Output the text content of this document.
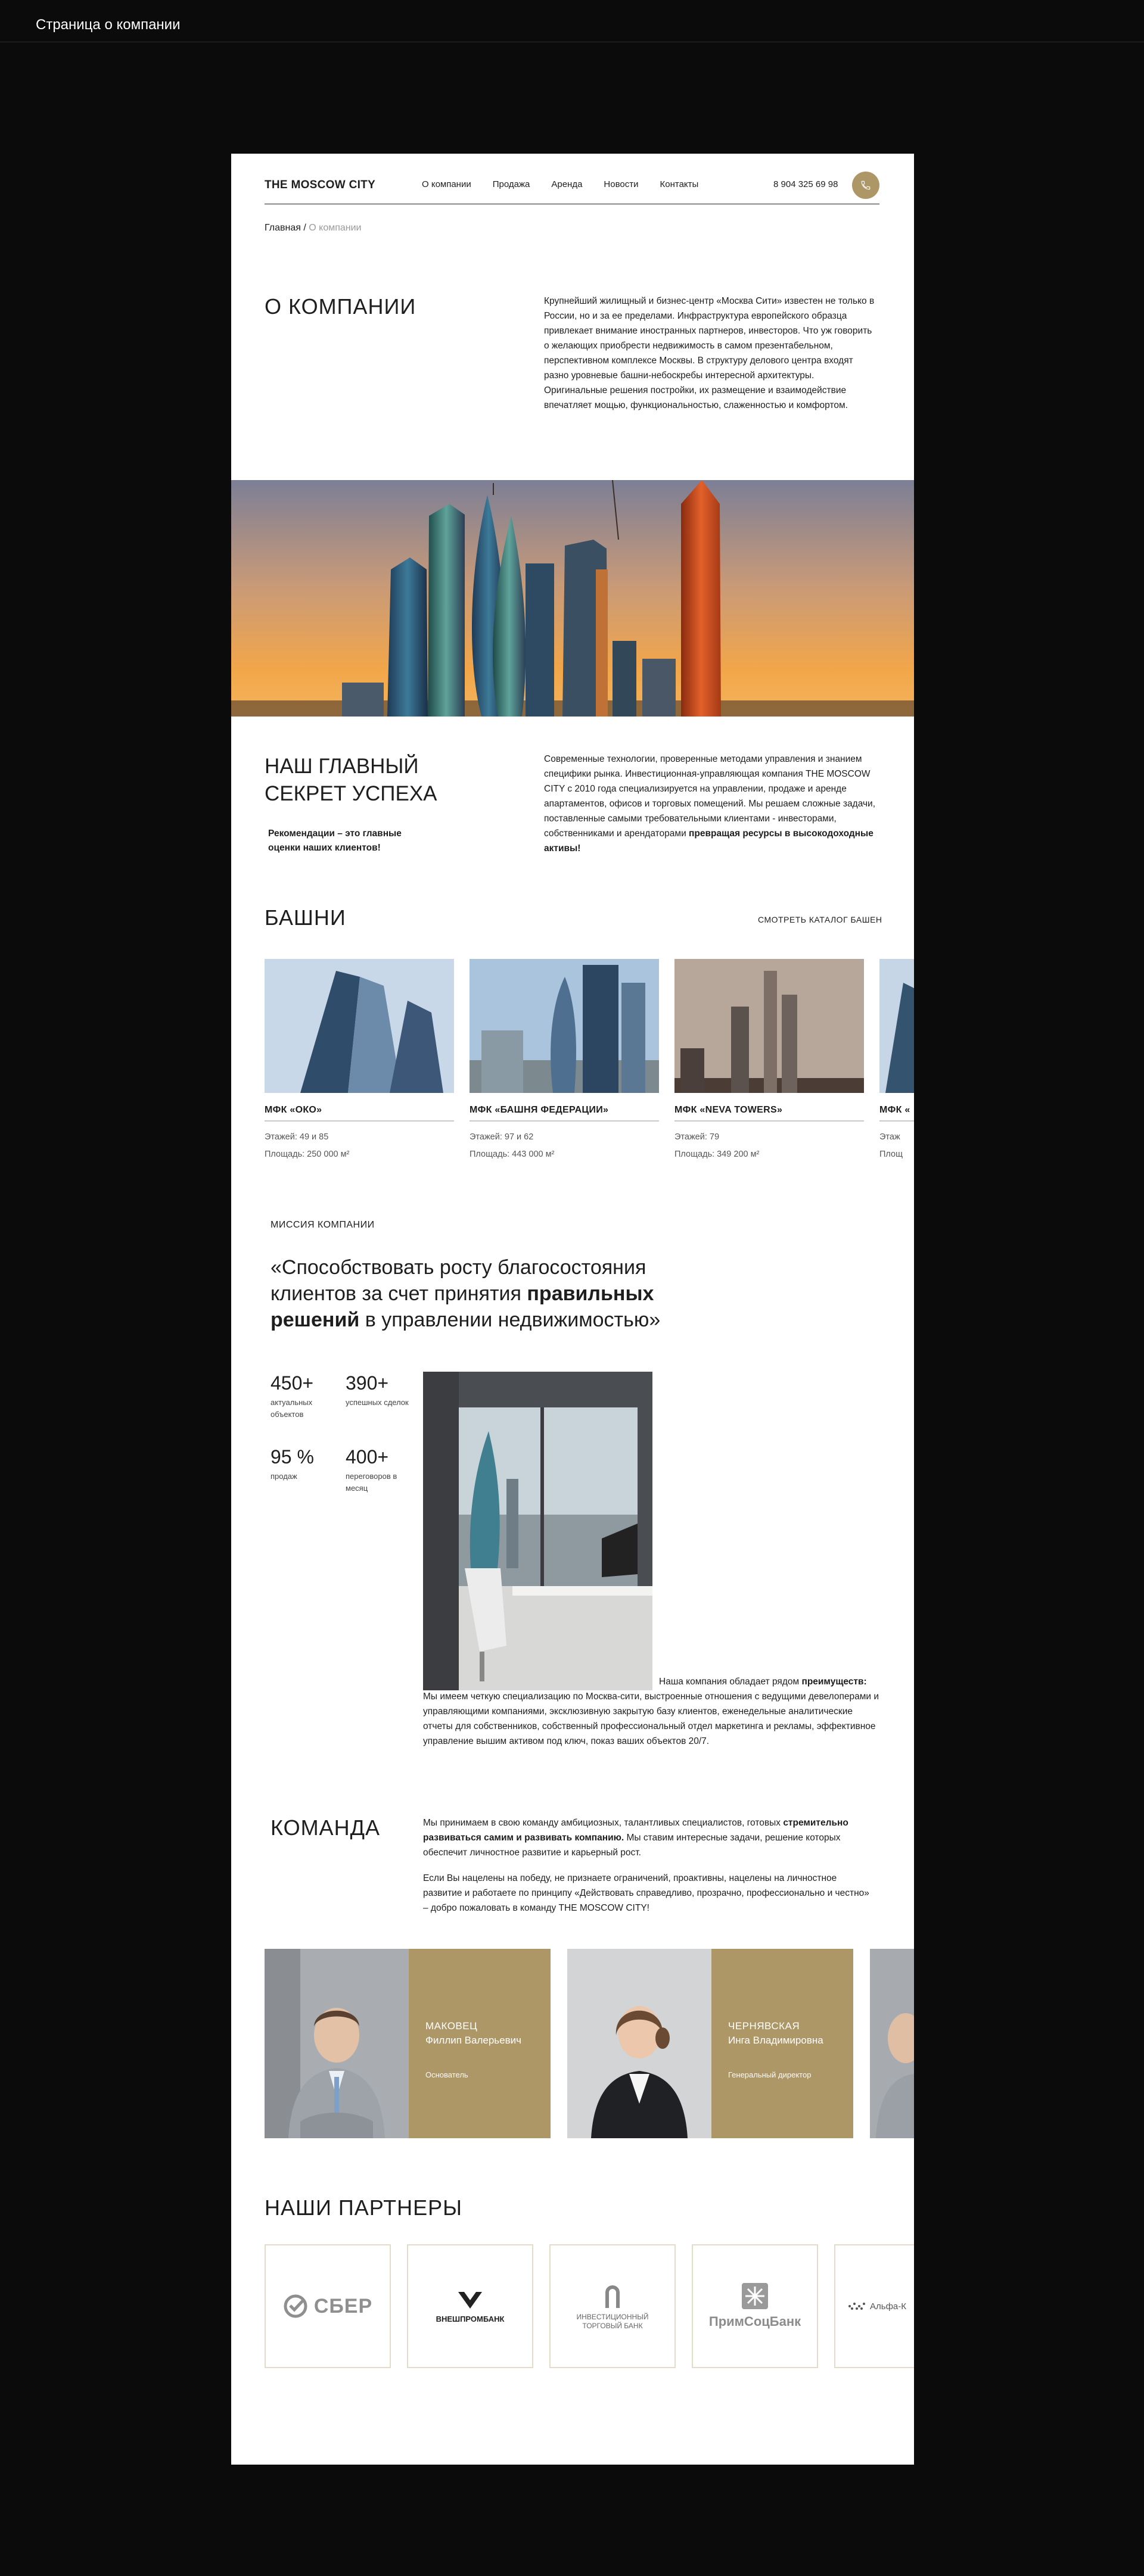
Страница о компании
THE MOSCOW CITY	О компании Продажа Аренда Новости Контакты	8 904 325 69 98
Главная / О компании
О КОМПАНИИ	Крупнейший жилищный и бизнес-центр «Москва Сити» известен не только в России, но и за ее пределами. Инфраструктура европейского образца привлекает внимание иностранных партнеров, инвесторов. Что уж говорить о желающих приобрести недвижимость в самом презентабельном, перспективном комплексе Москвы. В структуру делового центра входят разно уровневые башни-небоскребы интересной архитектуры. Оригинальные решения постройки, их размещение и взаимодействие впечатляет мощью, функциональностью, слаженностью и комфортом.

НАШ ГЛАВНЫЙ
СЕКРЕТ УСПЕХА
Рекомендации – это главные
оценки наших клиентов!

Современные технологии, проверенные методами управления и знанием специфики рынка. Инвестиционная-управляющая компания THE MOSCOW CITY с 2010 года специализируется на управлении, продаже и аренде апартаментов, офисов и торговых помещений. Мы решаем сложные задачи, поставленные самыми требовательными клиентами - инвесторами, собственниками и арендаторами превращая ресурсы в высокодоходные активы!

БАШНИ	СМОТРЕТЬ КАТАЛОГ БАШЕН
МФК «ОКО»
Этажей: 49 и 85
Площадь: 250 000 м²
МФК «БАШНЯ ФЕДЕРАЦИИ»
Этажей: 97 и 62
Площадь: 443 000 м²
МФК «NEVA TOWERS»
Этажей: 79
Площадь: 349 200 м²
МФК «
Этаж
Площ
МИССИЯ КОМПАНИИ
«Способствовать росту благосостояния клиентов за счет принятия правильных решений в управлении недвижимостью»
450+
актуальных объектов
390+
успешных сделок
95 %
продаж
400+
переговоров в месяц

Наша компания обладает рядом преимуществ: Мы имеем четкую специализацию по Москва-сити, выстроенные отношения с ведущими девелоперами и управляющими компаниями, эксклюзивную закрытую базу клиентов, еженедельные аналитические отчеты для собственников, собственный профессиональный отдел маркетинга и рекламы, эффективное управление вышим активом под ключ, показ ваших объектов 20/7.

КОМАНДА	Мы принимаем в свою команду амбициозных, талантливых специалистов, готовых стремительно развиваться самим и развивать компанию. Мы ставим интересные задачи, решение которых обеспечит личностное развитие и карьерный рост.

Если Вы нацелены на победу, не признаете ограничений, проактивны, нацелены на личностное развитие и работаете по принципу «Действовать справедливо, прозрачно, профессионально и честно» – добро пожаловать в команду THE MOSCOW CITY!

МАКОВЕЦ
Филлип Валерьевич
Основатель
ЧЕРНЯВСКАЯ
Инга Владимировна
Генеральный директор
НАШИ ПАРТНЕРЫ
СБЕР
ВНЕШПРОМБАНК	ИНВЕСТИЦИОННЫЙ ТОРГОВЫЙ БАНК	ПримСоцБанк
Альфа-К
